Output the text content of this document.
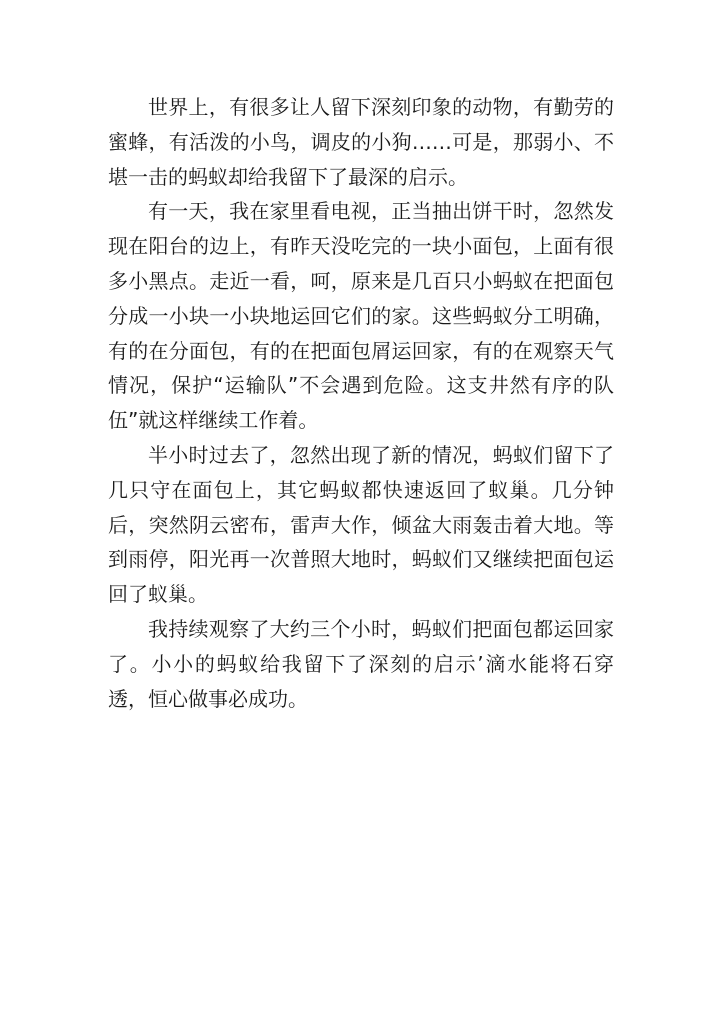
世界上，有很多让人留下深刻印象的动物，有勤劳的蜜蜂，有活泼的小鸟，调皮的小狗……可是，那弱小、不堪一击的蚂蚁却给我留下了最深的启示。

有一天，我在家里看电视，正当抽出饼干时，忽然发现在阳台的边上，有昨天没吃完的一块小面包，上面有很多小黑点。走近一看，呵，原来是几百只小蚂蚁在把面包分成一小块一小块地运回它们的家。这些蚂蚁分工明确，有的在分面包，有的在把面包屑运回家，有的在观察天气情况，保护“运输队”不会遇到危险。这支井然有序的队伍”就这样继续工作着。

半小时过去了，忽然出现了新的情况，蚂蚁们留下了几只守在面包上，其它蚂蚁都快速返回了蚁巢。几分钟后，突然阴云密布，雷声大作，倾盆大雨轰击着大地。等到雨停，阳光再一次普照大地时，蚂蚁们又继续把面包运回了蚁巢。

我持续观察了大约三个小时，蚂蚁们把面包都运回家了。小小的蚂蚁给我留下了深刻的启示’滴水能将石穿透，恒心做事必成功。
